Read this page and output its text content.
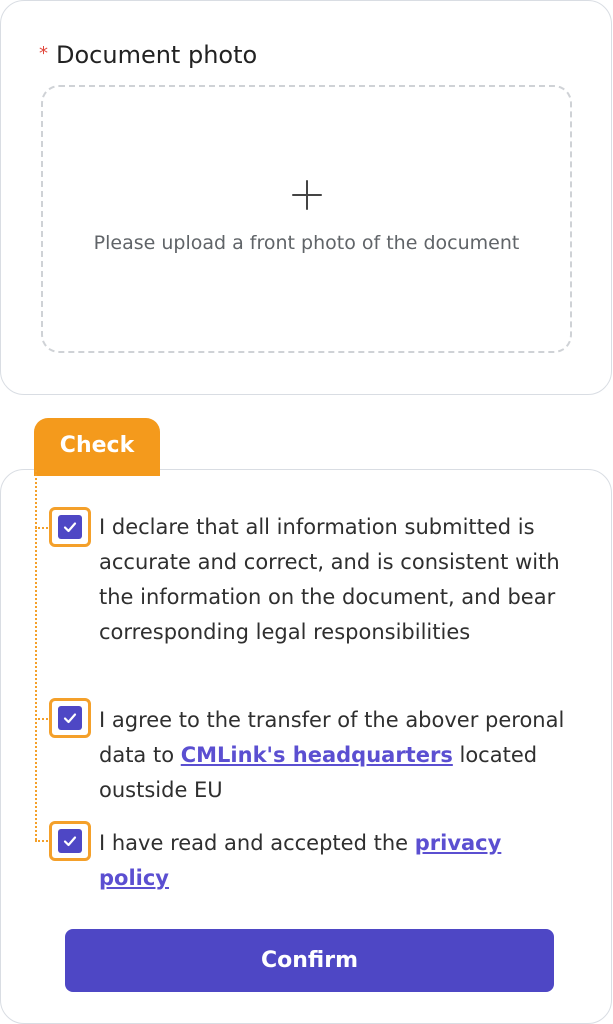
* Document photo
Please upload a front photo of the document
Check
I declare that all information submitted is accurate and correct, and is consistent with the information on the document, and bear corresponding legal responsibilities
I agree to the transfer of the abover peronal data to CMLink's headquarters located oustside EU
I have read and accepted the privacy policy
Confirm
